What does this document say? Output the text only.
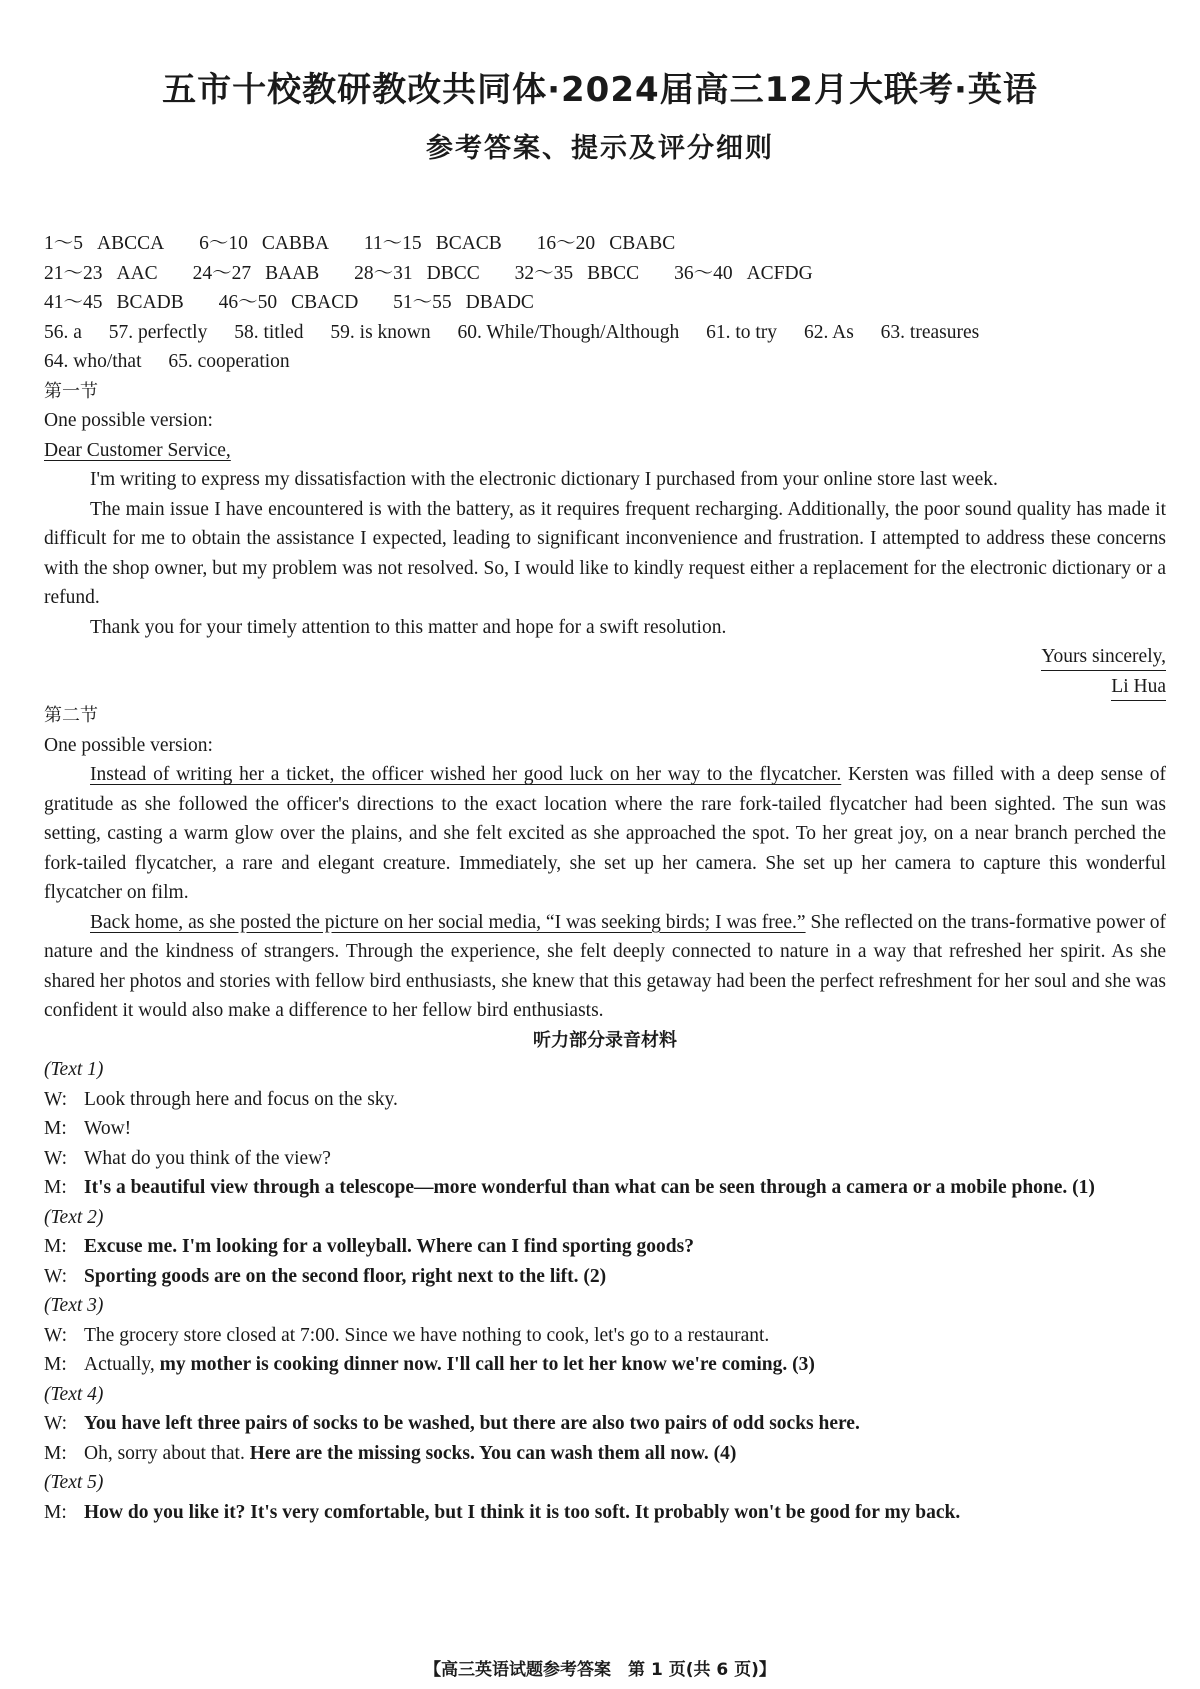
五市十校教研教改共同体·2024届高三12月大联考·英语
参考答案、提示及评分细则
1～5 ABCCA 6～10 CABBA 11～15 BCACB 16～20 CBABC
21～23 AAC 24～27 BAAB 28～31 DBCC 32～35 BBCC 36～40 ACFDG
41～45 BCADB 46～50 CBACD 51～55 DBADC
56. a 57. perfectly 58. titled 59. is known 60. While/Though/Although 61. to try 62. As 63. treasures
64. who/that 65. cooperation
第一节
One possible version:
Dear Customer Service,

I'm writing to express my dissatisfaction with the electronic dictionary I purchased from your online store last week.

The main issue I have encountered is with the battery, as it requires frequent recharging. Additionally, the poor sound quality has made it difficult for me to obtain the assistance I expected, leading to significant inconvenience and frustration. I attempted to address these concerns with the shop owner, but my problem was not resolved. So, I would like to kindly request either a replacement for the electronic dictionary or a refund.

Thank you for your timely attention to this matter and hope for a swift resolution.

Yours sincerely,
Li Hua
第二节
One possible version:

Instead of writing her a ticket, the officer wished her good luck on her way to the flycatcher. Kersten was filled with a deep sense of gratitude as she followed the officer's directions to the exact location where the rare fork-tailed flycatcher had been sighted. The sun was setting, casting a warm glow over the plains, and she felt excited as she approached the spot. To her great joy, on a near branch perched the fork-tailed flycatcher, a rare and elegant creature. Immediately, she set up her camera. She set up her camera to capture this wonderful flycatcher on film.

Back home, as she posted the picture on her social media, “I was seeking birds; I was free.” She reflected on the trans-formative power of nature and the kindness of strangers. Through the experience, she felt deeply connected to nature in a way that refreshed her spirit. As she shared her photos and stories with fellow bird enthusiasts, she knew that this getaway had been the perfect refreshment for her soul and she was confident it would also make a difference to her fellow bird enthusiasts.

听力部分录音材料
(Text 1)
W: Look through here and focus on the sky.
M: Wow!
W: What do you think of the view?
M: It's a beautiful view through a telescope—more wonderful than what can be seen through a camera or a mobile phone. (1)
(Text 2)
M: Excuse me. I'm looking for a volleyball. Where can I find sporting goods?
W: Sporting goods are on the second floor, right next to the lift. (2)
(Text 3)
W: The grocery store closed at 7:00. Since we have nothing to cook, let's go to a restaurant.
M: Actually, my mother is cooking dinner now. I'll call her to let her know we're coming. (3)
(Text 4)
W: You have left three pairs of socks to be washed, but there are also two pairs of odd socks here.
M: Oh, sorry about that. Here are the missing socks. You can wash them all now. (4)
(Text 5)
M: How do you like it? It's very comfortable, but I think it is too soft. It probably won't be good for my back.
【高三英语试题参考答案　第 1 页(共 6 页)】
